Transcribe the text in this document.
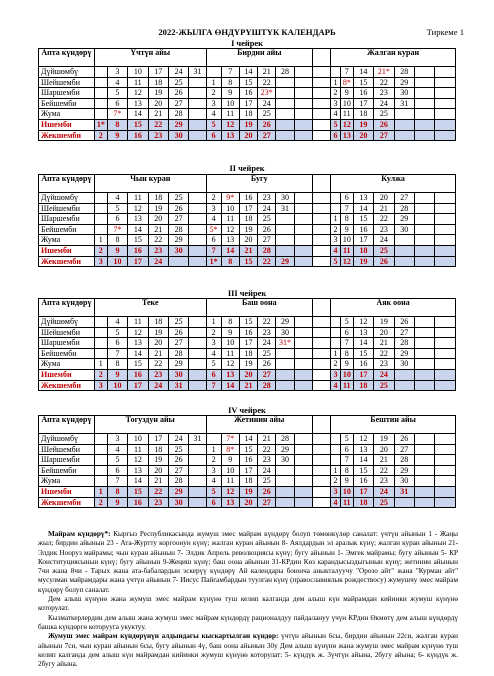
2022-ЖЫЛГА ӨНДҮРҮШТҮК КАЛЕНДАРЬ	Тиркеме 1
I чейрек
Апта күндөрү	Үчтүн айы						Бирдин айы							Жалган куран						

Дүйшөмбү		3	10	17	24	31		7	14	21	28				7	14	21*	28		
Шейшемби		4	11	18	25		1	8	15	22				1	8*	15	22	29		
Шаршемби		5	12	19	26		2	9	16	23*				2	9	16	23	30		
Бейшемби		6	13	20	27		3	10	17	24				3	10	17	24	31		
Жума		7*	14	21	28		4	11	18	25				4	11	18	25			
Ишемби	1*	8	15	22	29		5	12	19	26				5	12	19	26			
Жекшемби	2	9	16	23	30		6	13	20	27				6	13	20	27			
II чейрек
Апта күндөрү	Чын куран						Бугу							Кулжа						

Дүйшөмбү		4	11	18	25		2	9*	16	23	30				6	13	20	27		
Шейшемби		5	12	19	26		3	10	17	24	31				7	14	21	28		
Шаршемби		6	13	20	27		4	11	18	25				1	8	15	22	29		
Бейшемби		7*	14	21	28		5*	12	19	26				2	9	16	23	30		
Жума	1	8	15	22	29		6	13	20	27				3	10	17	24			
Ишемби	2	9	16	23	30		7	14	21	28				4	11	18	25			
Жекшемби	3	10	17	24			1*	8	15	22	29			5	12	19	26			
III чейрек
Апта күндөрү	Теке						Баш оона							Аяк оона						

Дүйшөмбү		4	11	18	25		1	8	15	22	29				5	12	19	26		
Шейшемби		5	12	19	26		2	9	16	23	30				6	13	20	27		
Шаршемби		6	13	20	27		3	10	17	24	31*				7	14	21	28		
Бейшемби		7	14	21	28		4	11	18	25				1	8	15	22	29		
Жума	1	8	15	22	29		5	12	19	26				2	9	16	23	30		
Ишемби	2	9	16	23	30		6	13	20	27				3	10	17	24			
Жекшемби	3	10	17	24	31		7	14	21	28				4	11	18	25			
IV чейрек
Апта күндөрү	Тогуздун айы						Жетинин айы							Бештин айы						

Дүйшөмбү		3	10	17	24	31		7*	14	21	28				5	12	19	26		
Шейшемби		4	11	18	25		1	8*	15	22	29				6	13	20	27		
Шаршемби		5	12	19	26		2	9	16	23	30				7	14	21	28		
Бейшемби		6	13	20	27		3	10	17	24				1	8	15	22	29		
Жума		7	14	21	28		4	11	18	25				2	9	16	23	30		
Ишемби	1	8	15	22	29		5	12	19	26				3	10	17	24	31		
Жекшемби	2	9	16	23	30		6	13	20	27				4	11	18	25			

Майрам күндөрү*: Кыргыз Республикасында жумуш эмес майрам күндөрү болуп төмөнкүлөр саналат: үчтүн айынын 1 - Жаңы жыл; бирдин айынын 23 - Ата-Журтту коргоонун күнү; жалган куран айынын 8- Аялдардын эл аралык күнү; жалган куран айынын 21- Элдик Нооруз майрамы; чын куран айынын 7- Элдик Апрель революциясы күнү; бугу айынын 1- Эмгек майрамы; бугу айынын 5- КР Конституциясынын күнү; бугу айынын 9-Жеңиш күнү; баш оона айынын 31-КРдин Көз карандысыздыгынын күнү; жетинин айынын 7чи жана 8чи - Тарых жана ата-бабалардын эскерүү күндөрү Ай календары боюнча аныкталуучу "Орозо айт" жана "Курман айт" мусулман майрамдары жана үчтүн айынын 7- Иисус Пайгамбардын туулган күнү (православиялык рождествосу) жумушчу эмес майрам күндөрү болуп саналат.

Дем алыш күнүнө жана жумуш эмес майрам күнүнө туш келип калганда дем алыш күн майрамдан кийинки жумуш күнүнө которулат.

Кызматкерлердин дем алыш жана жумуш эмес майрам күндөрдү рационалдуу пайдалануу үчүн КРдин Өкмөтү дем алыш күндөрдү башка күндөргө которууга укуктуу.

Жумуш эмес майрам күндөрүнүн алдындагы кыскартылган күндөр: үчтүн айынын 6сы, бирдин айынын 22си, жалган куран айынын 7си, чын куран айынын 6сы, бугу айынын 4ү, баш оона айынын 30у Дем алыш күнүнө жана жумуш эмес майрам күнүнө туш келип калганда дем алыш күн майрамдан кийинки жумуш күнүнө которулат: 5- күндүк ж. 3үчтүн айына, 2бугу айына; 6- күндүк ж. 2бугу айына.
